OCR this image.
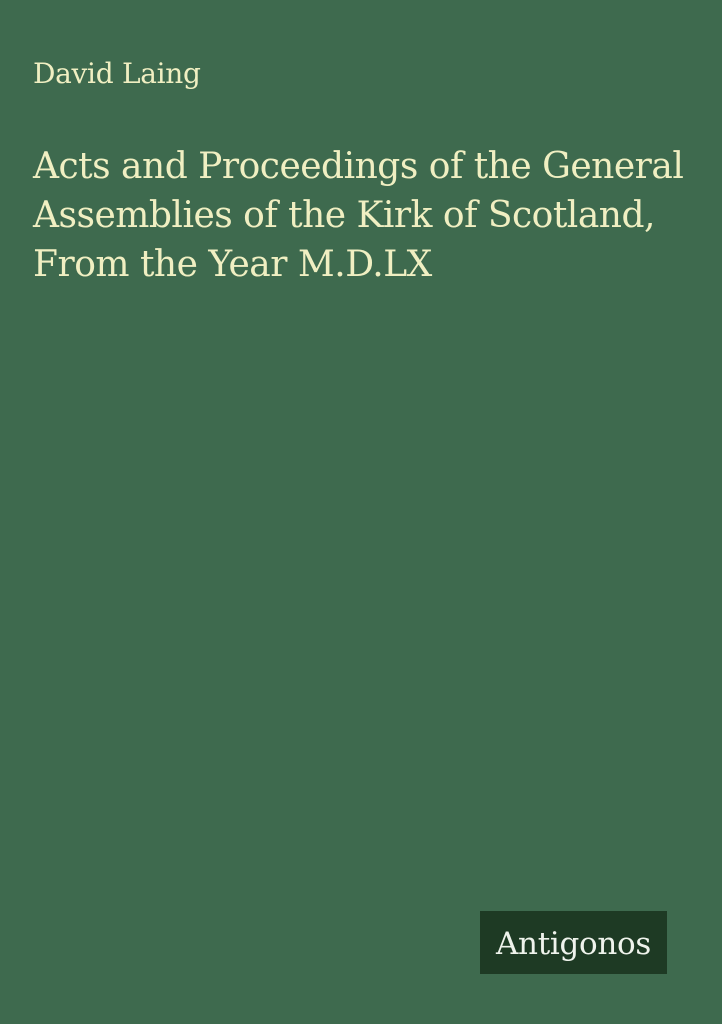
David Laing
Acts and Proceedings of the General
Assemblies of the Kirk of Scotland,
From the Year M.D.LX
Antigonos
